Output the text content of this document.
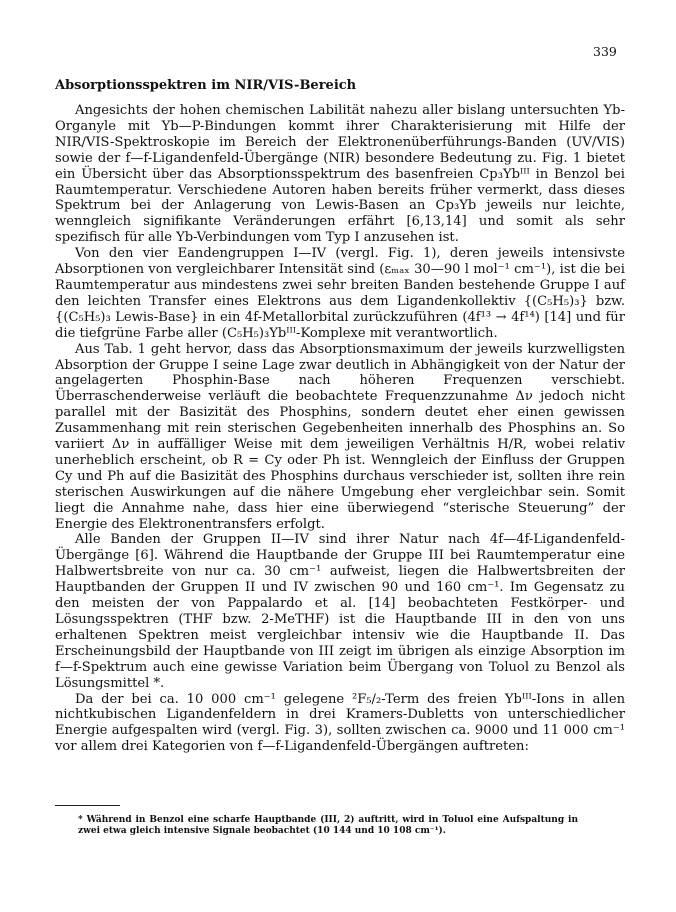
339
Absorptionsspektren im NIR/VIS-Bereich

Angesichts der hohen chemischen Labilität nahezu aller bislang untersuchten Yb-Organyle mit Yb—P-Bindungen kommt ihrer Charakterisierung mit Hilfe der NIR/VIS-Spektroskopie im Bereich der Elektronenüberführungs-Banden (UV/VIS) sowie der f—f-Ligandenfeld-Übergänge (NIR) besondere Bedeutung zu. Fig. 1 bietet ein Übersicht über das Absorptionsspektrum des basenfreien Cp₃Ybᴵᴵᴵ in Benzol bei Raumtemperatur. Verschiedene Autoren haben bereits früher vermerkt, dass dieses Spektrum bei der Anlagerung von Lewis-Basen an Cp₃Yb jeweils nur leichte, wenngleich signifikante Veränderungen erfährt [6,13,14] und somit als sehr spezifisch für alle Yb-Verbindungen vom Typ I anzusehen ist.

Von den vier Eandengruppen I—IV (vergl. Fig. 1), deren jeweils intensivste Absorptionen von vergleichbarer Intensität sind (εₘₐₓ 30—90 l mol⁻¹ cm⁻¹), ist die bei Raumtemperatur aus mindestens zwei sehr breiten Banden bestehende Gruppe I auf den leichten Transfer eines Elektrons aus dem Ligandenkollektiv {(C₅H₅)₃} bzw. {(C₅H₅)₃ Lewis-Base} in ein 4f-Metallorbital zurückzuführen (4f¹³ → 4f¹⁴) [14] und für die tiefgrüne Farbe aller (C₅H₅)₃Ybᴵᴵᴵ-Komplexe mit verantwortlich.

Aus Tab. 1 geht hervor, dass das Absorptionsmaximum der jeweils kurzwelligsten Absorption der Gruppe I seine Lage zwar deutlich in Abhängigkeit von der Natur der angelagerten Phosphin-Base nach höheren Frequenzen verschiebt. Überraschenderweise verläuft die beobachtete Frequenzzunahme Δν jedoch nicht parallel mit der Basizität des Phosphins, sondern deutet eher einen gewissen Zusammenhang mit rein sterischen Gegebenheiten innerhalb des Phosphins an. So variiert Δν in auffälliger Weise mit dem jeweiligen Verhältnis H/R, wobei relativ unerheblich erscheint, ob R = Cy oder Ph ist. Wenngleich der Einfluss der Gruppen Cy und Ph auf die Basizität des Phosphins durchaus verschieder ist, sollten ihre rein sterischen Auswirkungen auf die nähere Umgebung eher vergleichbar sein. Somit liegt die Annahme nahe, dass hier eine überwiegend “sterische Steuerung” der Energie des Elektronentransfers erfolgt.

Alle Banden der Gruppen II—IV sind ihrer Natur nach 4f—4f-Ligandenfeld-Übergänge [6]. Während die Hauptbande der Gruppe III bei Raumtemperatur eine Halbwertsbreite von nur ca. 30 cm⁻¹ aufweist, liegen die Halbwertsbreiten der Hauptbanden der Gruppen II und IV zwischen 90 und 160 cm⁻¹. Im Gegensatz zu den meisten der von Pappalardo et al. [14] beobachteten Festkörper- und Lösungsspektren (THF bzw. 2-MeTHF) ist die Hauptbande III in den von uns erhaltenen Spektren meist vergleichbar intensiv wie die Hauptbande II. Das Erscheinungsbild der Hauptbande von III zeigt im übrigen als einzige Absorption im f—f-Spektrum auch eine gewisse Variation beim Übergang von Toluol zu Benzol als Lösungsmittel *.

Da der bei ca. 10 000 cm⁻¹ gelegene ²F₅/₂-Term des freien Ybᴵᴵᴵ-Ions in allen nichtkubischen Ligandenfeldern in drei Kramers-Dubletts von unterschiedlicher Energie aufgespalten wird (vergl. Fig. 3), sollten zwischen ca. 9000 und 11 000 cm⁻¹ vor allem drei Kategorien von f—f-Ligandenfeld-Übergängen auftreten:

* Während in Benzol eine scharfe Hauptbande (III, 2) auftritt, wird in Toluol eine Aufspaltung in zwei etwa gleich intensive Signale beobachtet (10 144 und 10 108 cm⁻¹).
